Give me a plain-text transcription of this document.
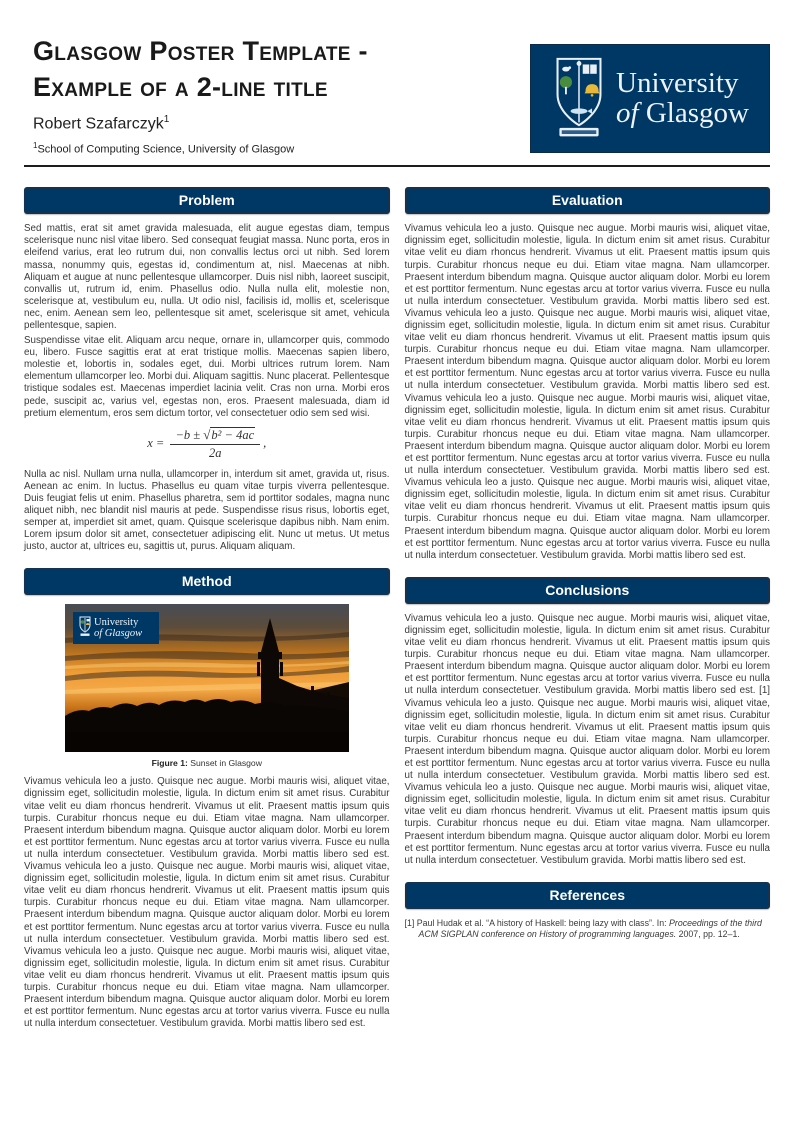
Glasgow Poster Template -
Example of a 2-line title
Robert Szafarczyk$^1$
$^1$School of Computing Science, University of Glasgow
University
of Glasgow
Problem

Sed mattis, erat sit amet gravida malesuada, elit augue egestas diam, tempus scelerisque nunc nisl vitae libero. Sed consequat feugiat massa. Nunc porta, eros in eleifend varius, erat leo rutrum dui, non convallis lectus orci ut nibh. Sed lorem massa, nonummy quis, egestas id, condimentum at, nisl. Maecenas at nibh. Aliquam et augue at nunc pellentesque ullamcorper. Duis nisl nibh, laoreet suscipit, convallis ut, rutrum id, enim. Phasellus odio. Nulla nulla elit, molestie non, scelerisque at, vestibulum eu, nulla. Ut odio nisl, facilisis id, mollis et, scelerisque nec, enim. Aenean sem leo, pellentesque sit amet, scelerisque sit amet, vehicula pellentesque, sapien.

Suspendisse vitae elit. Aliquam arcu neque, ornare in, ullamcorper quis, commodo eu, libero. Fusce sagittis erat at erat tristique mollis. Maecenas sapien libero, molestie et, lobortis in, sodales eget, dui. Morbi ultrices rutrum lorem. Nam elementum ullamcorper leo. Morbi dui. Aliquam sagittis. Nunc placerat. Pellentesque tristique sodales est. Maecenas imperdiet lacinia velit. Cras non urna. Morbi eros pede, suscipit ac, varius vel, egestas non, eros. Praesent malesuada, diam id pretium elementum, eros sem dictum tortor, vel consectetuer odio sem sed wisi.

$x = \frac{\text{−b ± √b² − 4ac}}{2a}$ ,

Nulla ac nisl. Nullam urna nulla, ullamcorper in, interdum sit amet, gravida ut, risus. Aenean ac enim. In luctus. Phasellus eu quam vitae turpis viverra pellentesque. Duis feugiat felis ut enim. Phasellus pharetra, sem id porttitor sodales, magna nunc aliquet nibh, nec blandit nisl mauris at pede. Suspendisse risus risus, lobortis eget, semper at, imperdiet sit amet, quam. Quisque scelerisque dapibus nibh. Nam enim. Lorem ipsum dolor sit amet, consectetuer adipiscing elit. Nunc ut metus. Ut metus justo, auctor at, ultrices eu, sagittis ut, purus. Aliquam aliquam.

Method
University
of Glasgow
Figure 1: Sunset in Glasgow

Vivamus vehicula leo a justo. Quisque nec augue. Morbi mauris wisi, aliquet vitae, dignissim eget, sollicitudin molestie, ligula. In dictum enim sit amet risus. Curabitur vitae velit eu diam rhoncus hendrerit. Vivamus ut elit. Praesent mattis ipsum quis turpis. Curabitur rhoncus neque eu dui. Etiam vitae magna. Nam ullamcorper. Praesent interdum bibendum magna. Quisque auctor aliquam dolor. Morbi eu lorem et est porttitor fermentum. Nunc egestas arcu at tortor varius viverra. Fusce eu nulla ut nulla interdum consectetuer. Vestibulum gravida. Morbi mattis libero sed est. Vivamus vehicula leo a justo. Quisque nec augue. Morbi mauris wisi, aliquet vitae, dignissim eget, sollicitudin molestie, ligula. In dictum enim sit amet risus. Curabitur vitae velit eu diam rhoncus hendrerit. Vivamus ut elit. Praesent mattis ipsum quis turpis. Curabitur rhoncus neque eu dui. Etiam vitae magna. Nam ullamcorper. Praesent interdum bibendum magna. Quisque auctor aliquam dolor. Morbi eu lorem et est porttitor fermentum. Nunc egestas arcu at tortor varius viverra. Fusce eu nulla ut nulla interdum consectetuer. Vestibulum gravida. Morbi mattis libero sed est. Vivamus vehicula leo a justo. Quisque nec augue. Morbi mauris wisi, aliquet vitae, dignissim eget, sollicitudin molestie, ligula. In dictum enim sit amet risus. Curabitur vitae velit eu diam rhoncus hendrerit. Vivamus ut elit. Praesent mattis ipsum quis turpis. Curabitur rhoncus neque eu dui. Etiam vitae magna. Nam ullamcorper. Praesent interdum bibendum magna. Quisque auctor aliquam dolor. Morbi eu lorem et est porttitor fermentum. Nunc egestas arcu at tortor varius viverra. Fusce eu nulla ut nulla interdum consectetuer. Vestibulum gravida. Morbi mattis libero sed est.

Evaluation

Vivamus vehicula leo a justo. Quisque nec augue. Morbi mauris wisi, aliquet vitae, dignissim eget, sollicitudin molestie, ligula. In dictum enim sit amet risus. Curabitur vitae velit eu diam rhoncus hendrerit. Vivamus ut elit. Praesent mattis ipsum quis turpis. Curabitur rhoncus neque eu dui. Etiam vitae magna. Nam ullamcorper. Praesent interdum bibendum magna. Quisque auctor aliquam dolor. Morbi eu lorem et est porttitor fermentum. Nunc egestas arcu at tortor varius viverra. Fusce eu nulla ut nulla interdum consectetuer. Vestibulum gravida. Morbi mattis libero sed est. Vivamus vehicula leo a justo. Quisque nec augue. Morbi mauris wisi, aliquet vitae, dignissim eget, sollicitudin molestie, ligula. In dictum enim sit amet risus. Curabitur vitae velit eu diam rhoncus hendrerit. Vivamus ut elit. Praesent mattis ipsum quis turpis. Curabitur rhoncus neque eu dui. Etiam vitae magna. Nam ullamcorper. Praesent interdum bibendum magna. Quisque auctor aliquam dolor. Morbi eu lorem et est porttitor fermentum. Nunc egestas arcu at tortor varius viverra. Fusce eu nulla ut nulla interdum consectetuer. Vestibulum gravida. Morbi mattis libero sed est. Vivamus vehicula leo a justo. Quisque nec augue. Morbi mauris wisi, aliquet vitae, dignissim eget, sollicitudin molestie, ligula. In dictum enim sit amet risus. Curabitur vitae velit eu diam rhoncus hendrerit. Vivamus ut elit. Praesent mattis ipsum quis turpis. Curabitur rhoncus neque eu dui. Etiam vitae magna. Nam ullamcorper. Praesent interdum bibendum magna. Quisque auctor aliquam dolor. Morbi eu lorem et est porttitor fermentum. Nunc egestas arcu at tortor varius viverra. Fusce eu nulla ut nulla interdum consectetuer. Vestibulum gravida. Morbi mattis libero sed est. Vivamus vehicula leo a justo. Quisque nec augue. Morbi mauris wisi, aliquet vitae, dignissim eget, sollicitudin molestie, ligula. In dictum enim sit amet risus. Curabitur vitae velit eu diam rhoncus hendrerit. Vivamus ut elit. Praesent mattis ipsum quis turpis. Curabitur rhoncus neque eu dui. Etiam vitae magna. Nam ullamcorper. Praesent interdum bibendum magna. Quisque auctor aliquam dolor. Morbi eu lorem et est porttitor fermentum. Nunc egestas arcu at tortor varius viverra. Fusce eu nulla ut nulla interdum consectetuer. Vestibulum gravida. Morbi mattis libero sed est.

Conclusions

Vivamus vehicula leo a justo. Quisque nec augue. Morbi mauris wisi, aliquet vitae, dignissim eget, sollicitudin molestie, ligula. In dictum enim sit amet risus. Curabitur vitae velit eu diam rhoncus hendrerit. Vivamus ut elit. Praesent mattis ipsum quis turpis. Curabitur rhoncus neque eu dui. Etiam vitae magna. Nam ullamcorper. Praesent interdum bibendum magna. Quisque auctor aliquam dolor. Morbi eu lorem et est porttitor fermentum. Nunc egestas arcu at tortor varius viverra. Fusce eu nulla ut nulla interdum consectetuer. Vestibulum gravida. Morbi mattis libero sed est. [1] Vivamus vehicula leo a justo. Quisque nec augue. Morbi mauris wisi, aliquet vitae, dignissim eget, sollicitudin molestie, ligula. In dictum enim sit amet risus. Curabitur vitae velit eu diam rhoncus hendrerit. Vivamus ut elit. Praesent mattis ipsum quis turpis. Curabitur rhoncus neque eu dui. Etiam vitae magna. Nam ullamcorper. Praesent interdum bibendum magna. Quisque auctor aliquam dolor. Morbi eu lorem et est porttitor fermentum. Nunc egestas arcu at tortor varius viverra. Fusce eu nulla ut nulla interdum consectetuer. Vestibulum gravida. Morbi mattis libero sed est. Vivamus vehicula leo a justo. Quisque nec augue. Morbi mauris wisi, aliquet vitae, dignissim eget, sollicitudin molestie, ligula. In dictum enim sit amet risus. Curabitur vitae velit eu diam rhoncus hendrerit. Vivamus ut elit. Praesent mattis ipsum quis turpis. Curabitur rhoncus neque eu dui. Etiam vitae magna. Nam ullamcorper. Praesent interdum bibendum magna. Quisque auctor aliquam dolor. Morbi eu lorem et est porttitor fermentum. Nunc egestas arcu at tortor varius viverra. Fusce eu nulla ut nulla interdum consectetuer. Vestibulum gravida. Morbi mattis libero sed est.

References

[1] Paul Hudak et al. “A history of Haskell: being lazy with class”. In: Proceedings of the third ACM SIGPLAN conference on History of programming languages. 2007, pp. 12–1.
